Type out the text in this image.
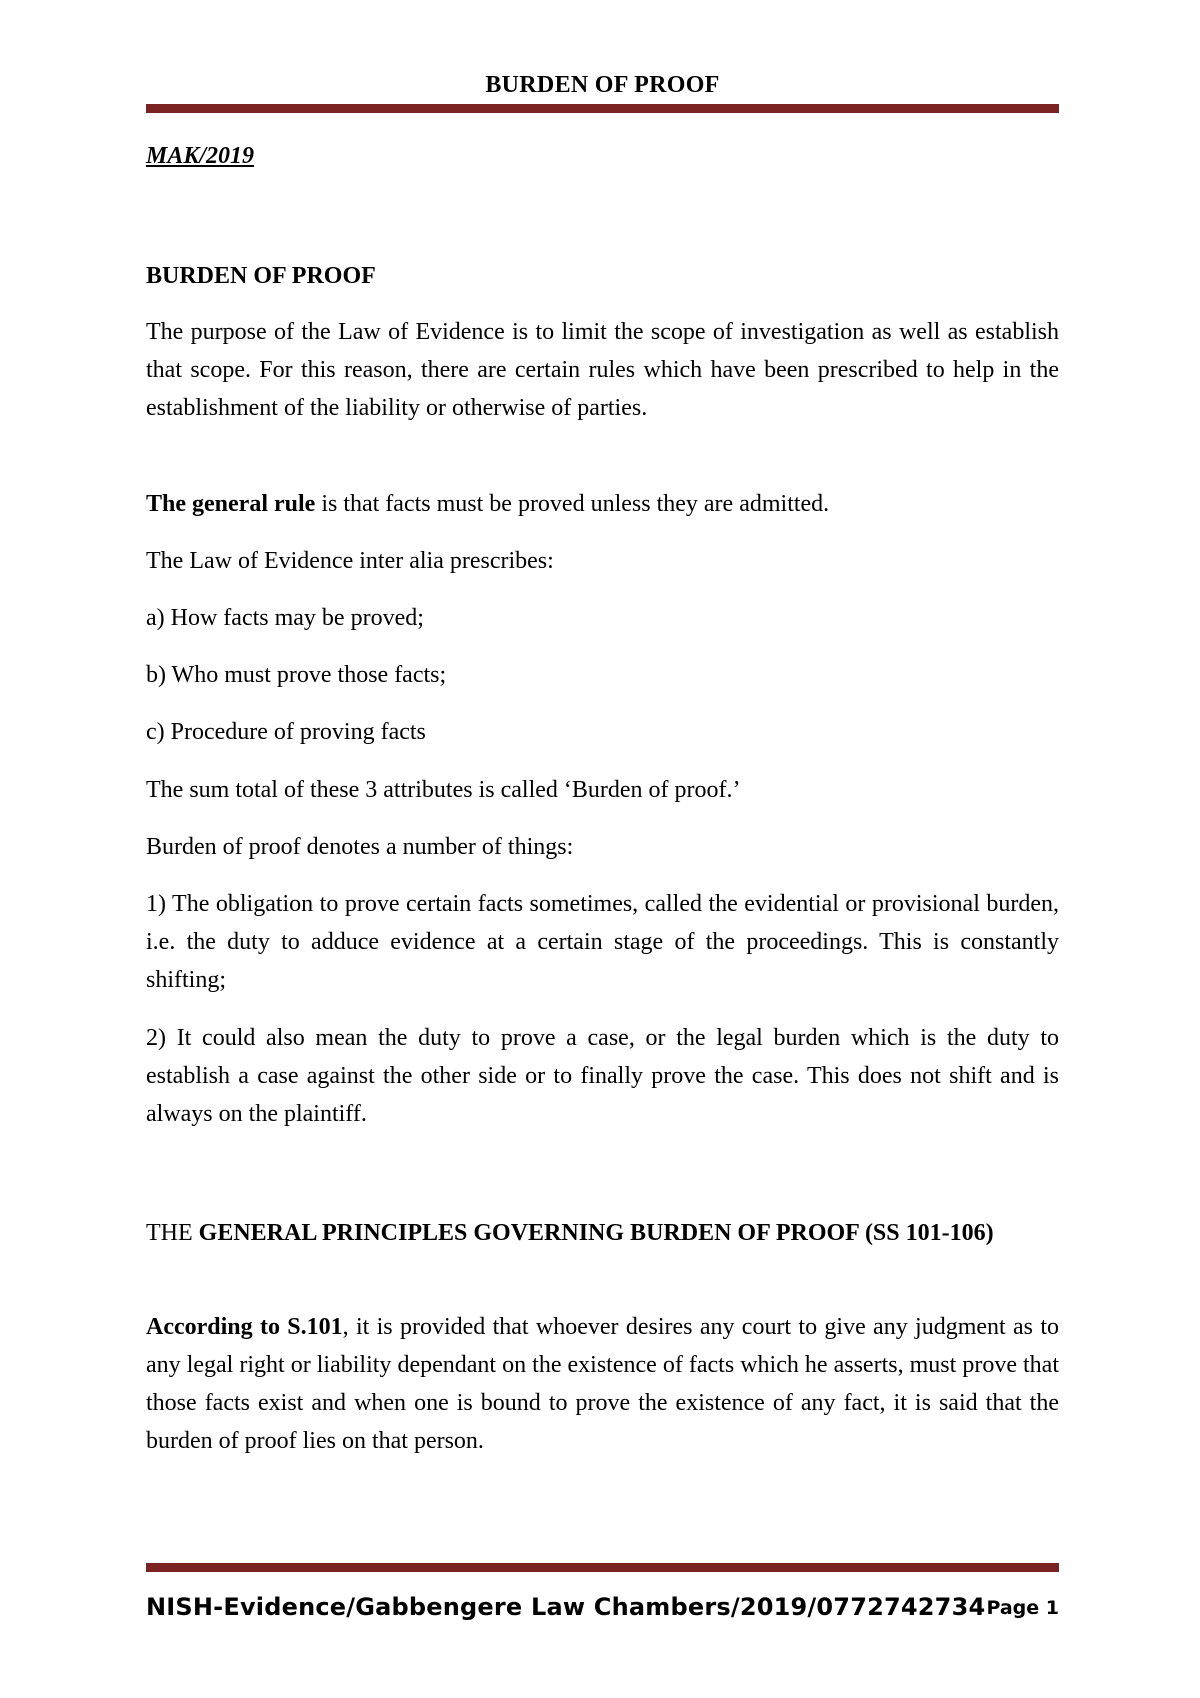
BURDEN OF PROOF

MAK/2019

BURDEN OF PROOF

The purpose of the Law of Evidence is to limit the scope of investigation as well as establish that scope. For this reason, there are certain rules which have been prescribed to help in the establishment of the liability or otherwise of parties.

The general rule is that facts must be proved unless they are admitted.

The Law of Evidence inter alia prescribes:

a) How facts may be proved;

b) Who must prove those facts;

c) Procedure of proving facts

The sum total of these 3 attributes is called ‘Burden of proof.’

Burden of proof denotes a number of things:

1) The obligation to prove certain facts sometimes, called the evidential or provisional burden, i.e. the duty to adduce evidence at a certain stage of the proceedings. This is constantly shifting;

2) It could also mean the duty to prove a case, or the legal burden which is the duty to establish a case against the other side or to finally prove the case. This does not shift and is always on the plaintiff.

THE GENERAL PRINCIPLES GOVERNING BURDEN OF PROOF (SS 101-106)

According to S.101, it is provided that whoever desires any court to give any judgment as to any legal right or liability dependant on the existence of facts which he asserts, must prove that those facts exist and when one is bound to prove the existence of any fact, it is said that the burden of proof lies on that person.

NISH-Evidence/Gabbengere Law Chambers/2019/0772742734 Page 1
